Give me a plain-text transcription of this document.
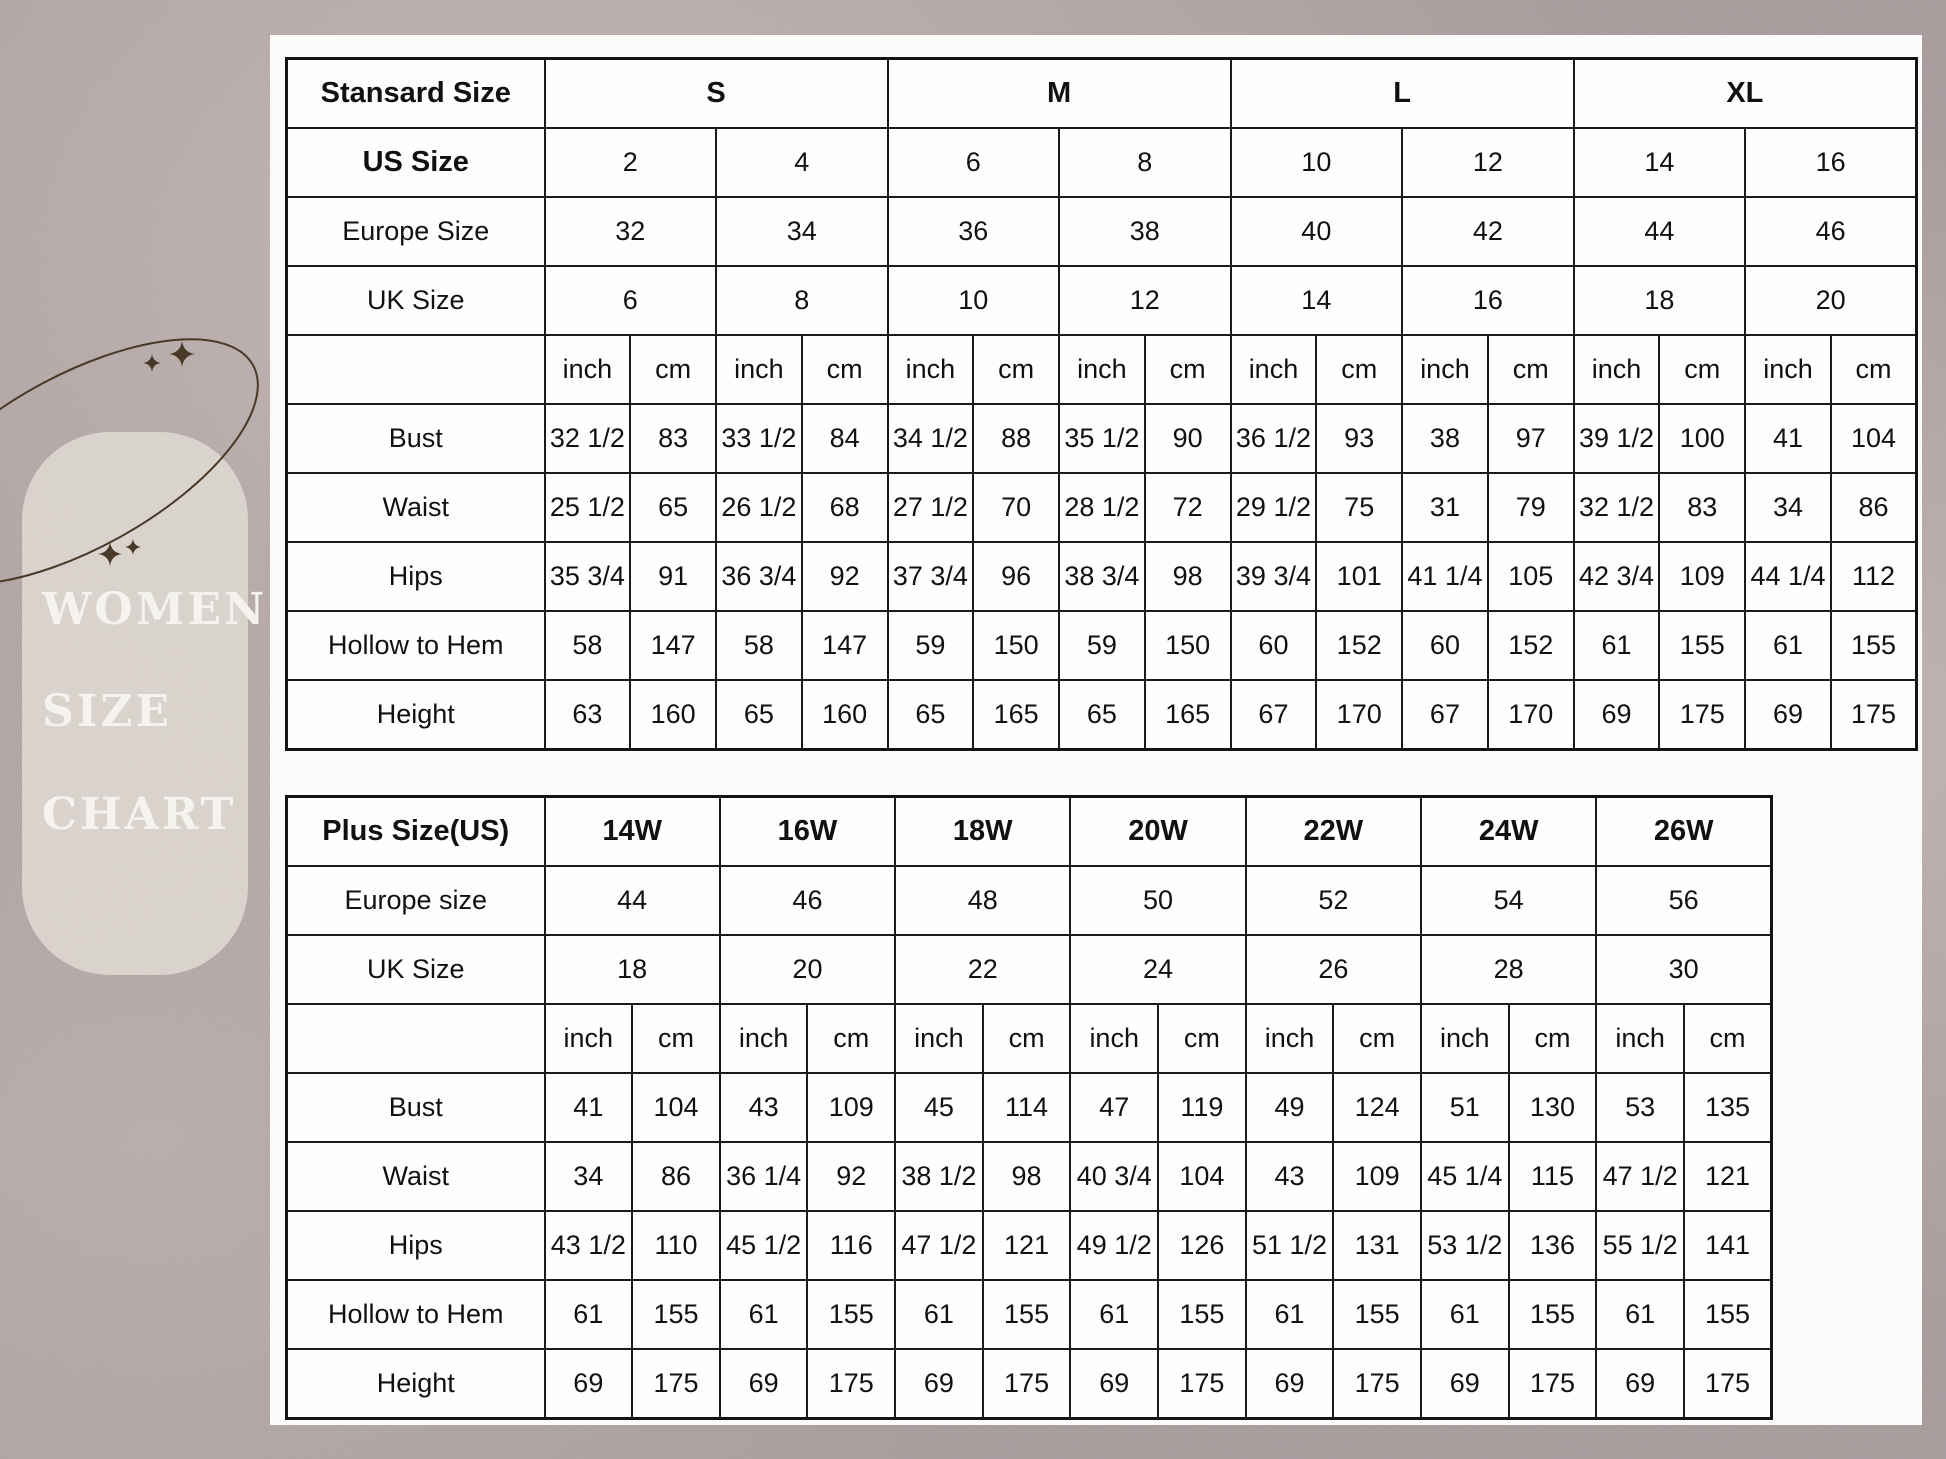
WOMEN
SIZE
CHART
Stansard Size	S				M				L				XL			
US Size	2		4		6		8		10		12		14		16	
Europe Size	32		34		36		38		40		42		44		46	
UK Size	6		8		10		12		14		16		18		20	
	inch	cm	inch	cm	inch	cm	inch	cm	inch	cm	inch	cm	inch	cm	inch	cm
Bust	32 1/2	83	33 1/2	84	34 1/2	88	35 1/2	90	36 1/2	93	38	97	39 1/2	100	41	104
Waist	25 1/2	65	26 1/2	68	27 1/2	70	28 1/2	72	29 1/2	75	31	79	32 1/2	83	34	86
Hips	35 3/4	91	36 3/4	92	37 3/4	96	38 3/4	98	39 3/4	101	41 1/4	105	42 3/4	109	44 1/4	112
Hollow to Hem	58	147	58	147	59	150	59	150	60	152	60	152	61	155	61	155
Height	63	160	65	160	65	165	65	165	67	170	67	170	69	175	69	175
Plus Size(US)	14W		16W		18W		20W		22W		24W		26W	
Europe size	44		46		48		50		52		54		56	
UK Size	18		20		22		24		26		28		30	
	inch	cm	inch	cm	inch	cm	inch	cm	inch	cm	inch	cm	inch	cm
Bust	41	104	43	109	45	114	47	119	49	124	51	130	53	135
Waist	34	86	36 1/4	92	38 1/2	98	40 3/4	104	43	109	45 1/4	115	47 1/2	121
Hips	43 1/2	110	45 1/2	116	47 1/2	121	49 1/2	126	51 1/2	131	53 1/2	136	55 1/2	141
Hollow to Hem	61	155	61	155	61	155	61	155	61	155	61	155	61	155
Height	69	175	69	175	69	175	69	175	69	175	69	175	69	175
